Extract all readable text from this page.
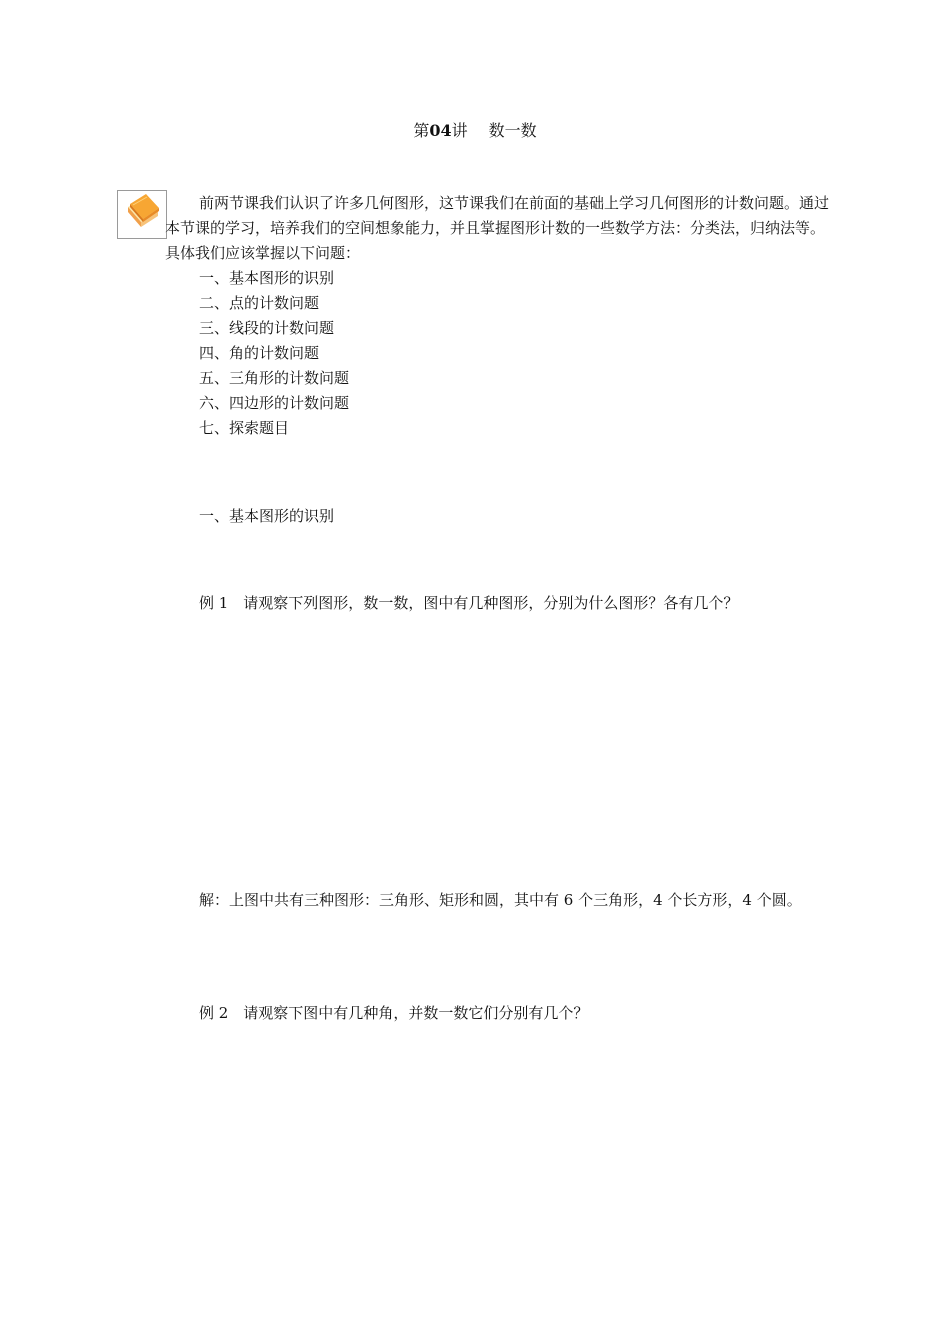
第04讲　 数一数
前两节课我们认识了许多几何图形，这节课我们在前面的基础上学习几何图形的计数问题。通过本节课的学习，培养我们的空间想象能力，并且掌握图形计数的一些数学方法：分类法，归纳法等。具体我们应该掌握以下问题：
一、基本图形的识别
二、点的计数问题
三、线段的计数问题
四、角的计数问题
五、三角形的计数问题
六、四边形的计数问题
七、探索题目
一、基本图形的识别
例 1　请观察下列图形，数一数，图中有几种图形，分别为什么图形？各有几个？
解：上图中共有三种图形：三角形、矩形和圆，其中有 6 个三角形，4 个长方形，4 个圆。
例 2　请观察下图中有几种角，并数一数它们分别有几个？
